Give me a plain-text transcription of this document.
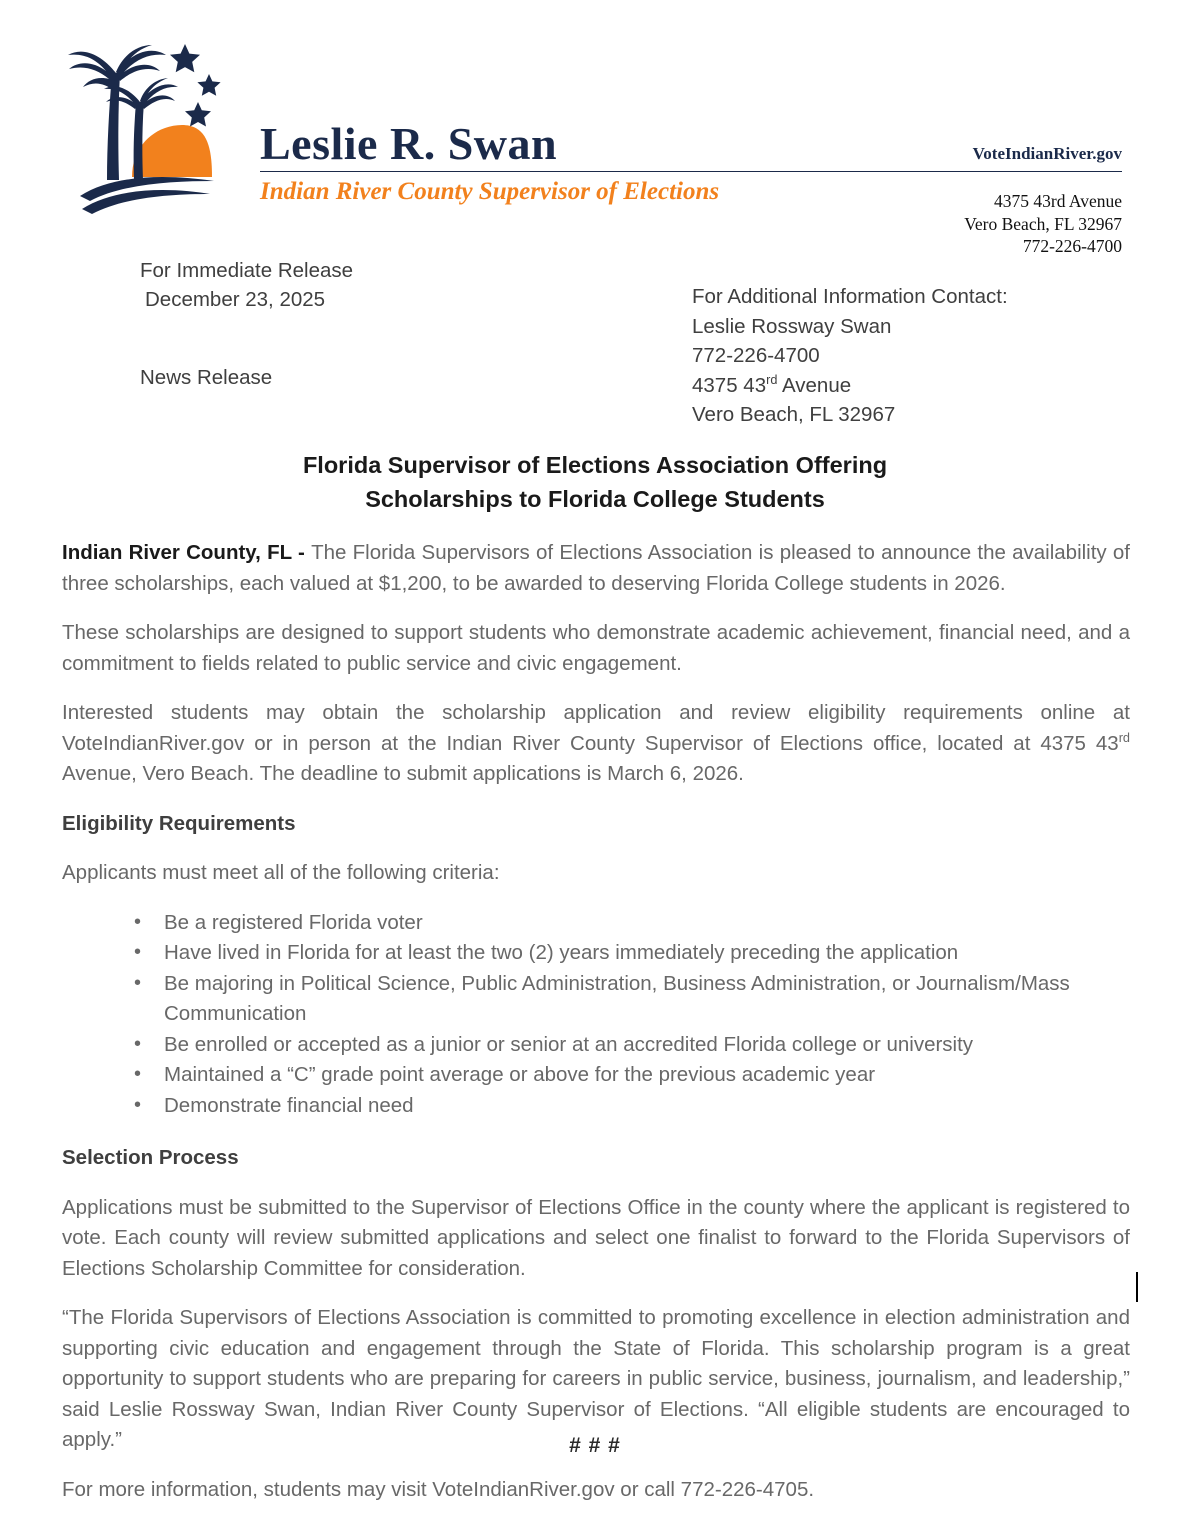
Leslie R. Swan	VoteIndianRiver.gov
Indian River County Supervisor of Elections	4375 43rd Avenue
Vero Beach, FL 32967
772-226-4700
For Immediate Release
December 23, 2025
News Release
For Additional Information Contact:
Leslie Rossway Swan
772-226-4700
4375 43rd Avenue
Vero Beach, FL 32967
Florida Supervisor of Elections Association Offering
Scholarships to Florida College Students

Indian River County, FL - The Florida Supervisors of Elections Association is pleased to announce the availability of three scholarships, each valued at $1,200, to be awarded to deserving Florida College students in 2026.

These scholarships are designed to support students who demonstrate academic achievement, financial need, and a commitment to fields related to public service and civic engagement.

Interested students may obtain the scholarship application and review eligibility requirements online at VoteIndianRiver.gov or in person at the Indian River County Supervisor of Elections office, located at 4375 43rd Avenue, Vero Beach. The deadline to submit applications is March 6, 2026.

Eligibility Requirements

Applicants must meet all of the following criteria:

• Be a registered Florida voter
• Have lived in Florida for at least the two (2) years immediately preceding the application
• Be majoring in Political Science, Public Administration, Business Administration, or Journalism/Mass Communication
• Be enrolled or accepted as a junior or senior at an accredited Florida college or university
• Maintained a “C” grade point average or above for the previous academic year
• Demonstrate financial need

Selection Process

Applications must be submitted to the Supervisor of Elections Office in the county where the applicant is registered to vote. Each county will review submitted applications and select one finalist to forward to the Florida Supervisors of Elections Scholarship Committee for consideration.

“The Florida Supervisors of Elections Association is committed to promoting excellence in election administration and supporting civic education and engagement through the State of Florida. This scholarship program is a great opportunity to support students who are preparing for careers in public service, business, journalism, and leadership,” said Leslie Rossway Swan, Indian River County Supervisor of Elections. “All eligible students are encouraged to apply.”

For more information, students may visit VoteIndianRiver.gov or call 772-226-4705.

# # #
